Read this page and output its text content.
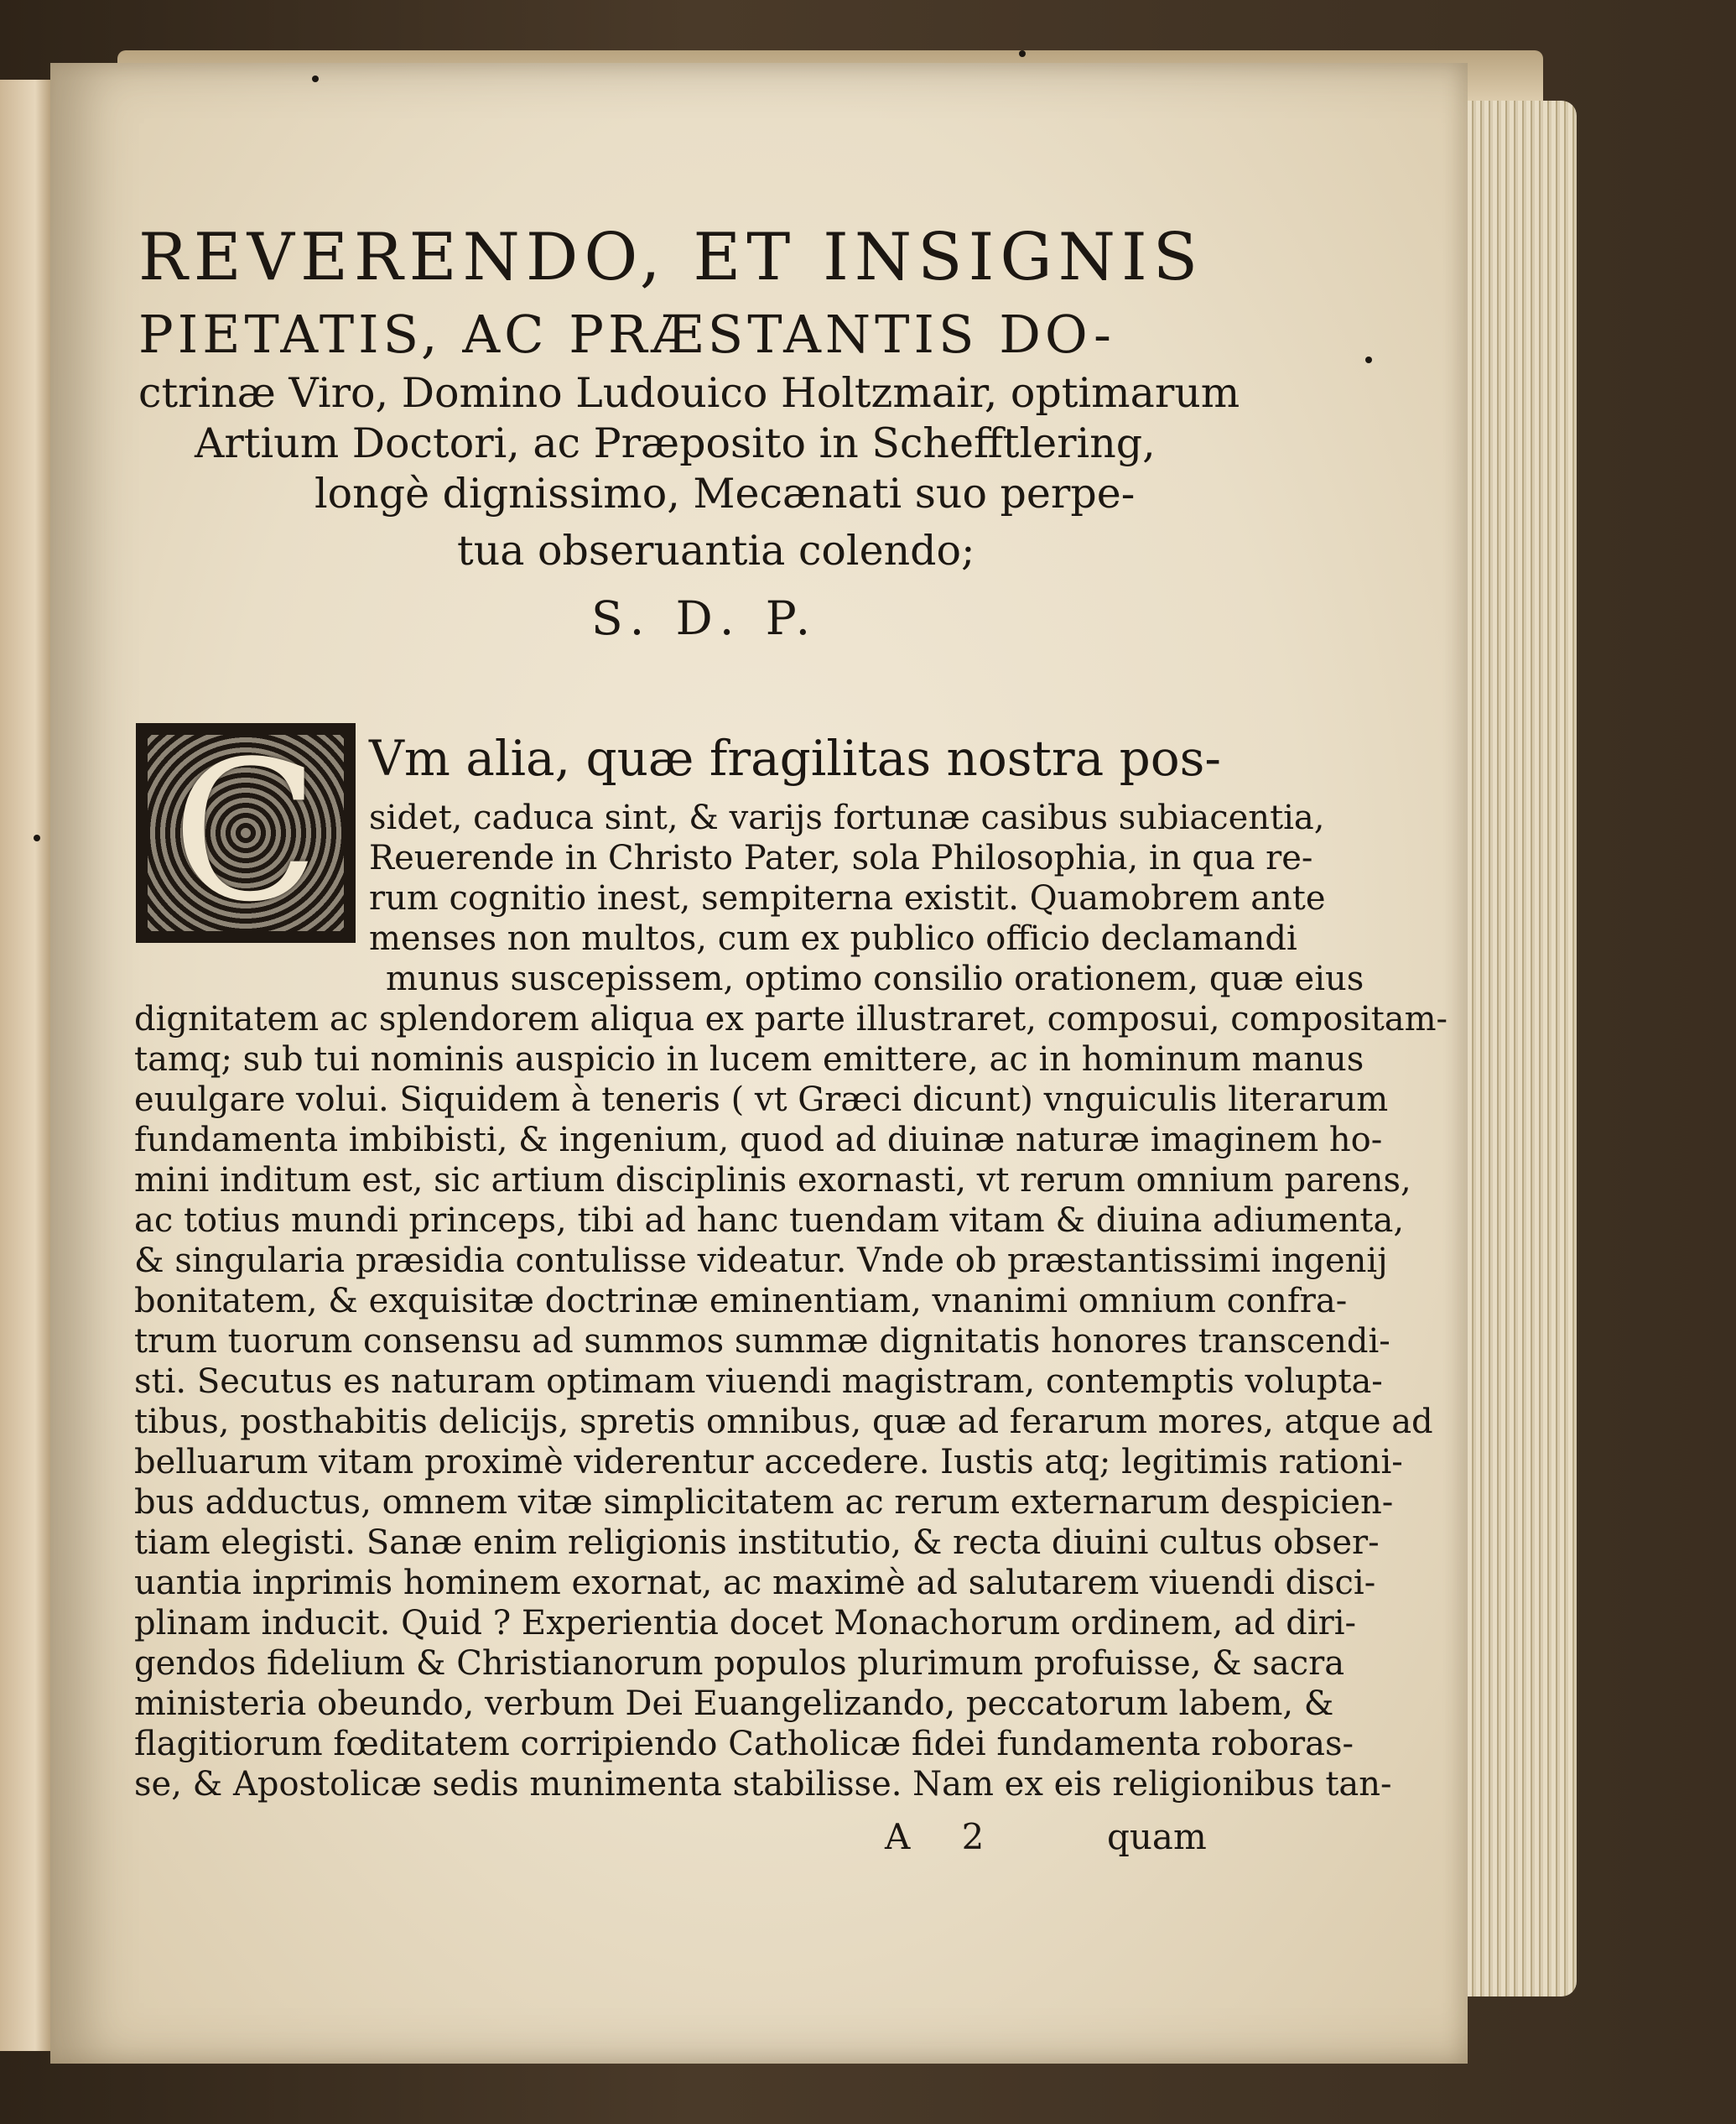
REVERENDO, ET INSIGNIS
PIETATIS, AC PRÆSTANTIS DO-
ctrinæ Viro, Domino Ludouico Holtzmair, optimarum
Artium Doctori, ac Præposito in Schefftlering,
longè dignissimo, Mecænati suo perpe-
tua obseruantia colendo;
S. D. P.
C	Vm alia, quæ fragilitas nostra pos-
sidet, caduca sint, & varijs fortunæ casibus subiacentia,
Reuerende in Christo Pater, sola Philosophia, in qua re-
rum cognitio inest, sempiterna existit. Quamobrem ante
menses non multos, cum ex publico officio declamandi
munus suscepissem, optimo consilio orationem, quæ eius
dignitatem ac splendorem aliqua ex parte illustraret, composui, compositam-
tamq; sub tui nominis auspicio in lucem emittere, ac in hominum manus
euulgare volui. Siquidem à teneris ( vt Græci dicunt) vnguiculis literarum
fundamenta imbibisti, & ingenium, quod ad diuinæ naturæ imaginem ho-
mini inditum est, sic artium disciplinis exornasti, vt rerum omnium parens,
ac totius mundi princeps, tibi ad hanc tuendam vitam & diuina adiumenta,
& singularia præsidia contulisse videatur. Vnde ob præstantissimi ingenij
bonitatem, & exquisitæ doctrinæ eminentiam, vnanimi omnium confra-
trum tuorum consensu ad summos summæ dignitatis honores transcendi-
sti. Secutus es naturam optimam viuendi magistram, contemptis volupta-
tibus, posthabitis delicijs, spretis omnibus, quæ ad ferarum mores, atque ad
belluarum vitam proximè viderentur accedere. Iustis atq; legitimis rationi-
bus adductus, omnem vitæ simplicitatem ac rerum externarum despicien-
tiam elegisti. Sanæ enim religionis institutio, & recta diuini cultus obser-
uantia inprimis hominem exornat, ac maximè ad salutarem viuendi disci-
plinam inducit. Quid ? Experientia docet Monachorum ordinem, ad diri-
gendos fidelium & Christianorum populos plurimum profuisse, & sacra
ministeria obeundo, verbum Dei Euangelizando, peccatorum labem, &
flagitiorum fœditatem corripiendo Catholicæ fidei fundamenta roboras-
se, & Apostolicæ sedis munimenta stabilisse. Nam ex eis religionibus tan-
A 2	quam
